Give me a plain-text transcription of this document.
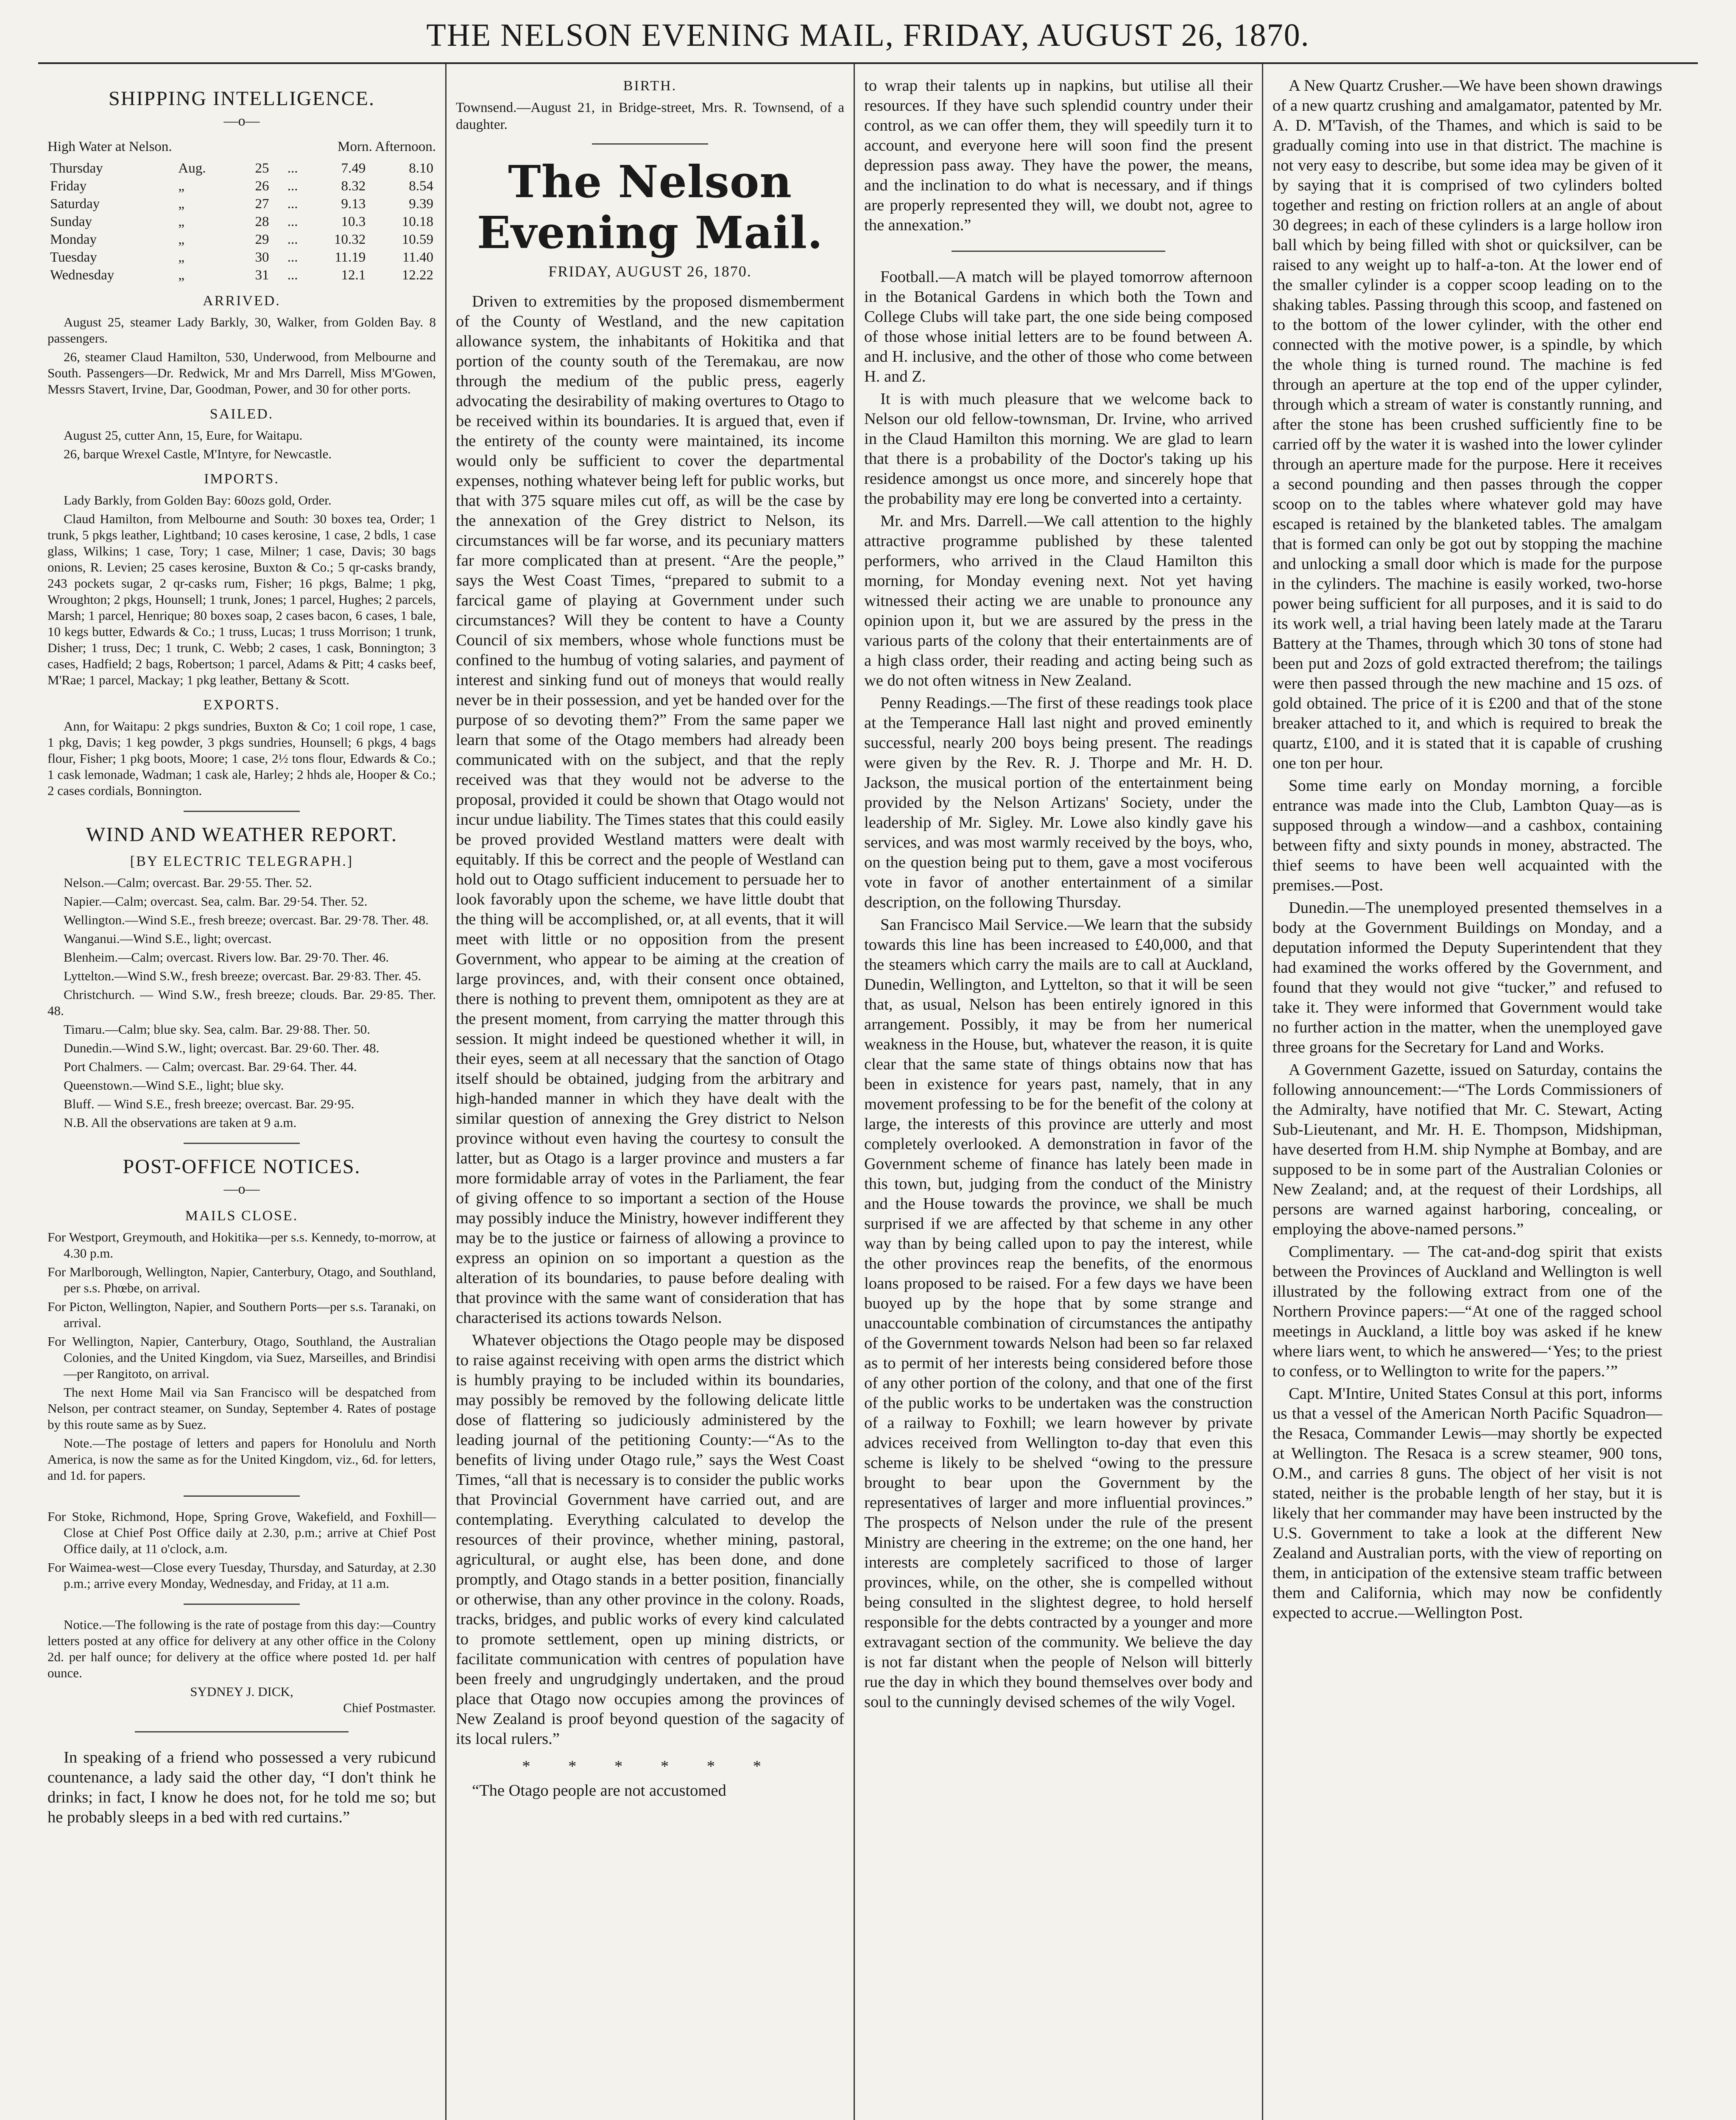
THE NELSON EVENING MAIL, FRIDAY, AUGUST 26, 1870.
SHIPPING INTELLIGENCE.
—o—
High Water at Nelson.	Morn. Afternoon.
Thursday	Aug.	25	...	7.49	8.10
Friday	„	26	...	8.32	8.54
Saturday	„	27	...	9.13	9.39
Sunday	„	28	...	10.3	10.18
Monday	„	29	...	10.32	10.59
Tuesday	„	30	...	11.19	11.40
Wednesday	„	31	...	12.1	12.22
ARRIVED.

August 25, steamer Lady Barkly, 30, Walker, from Golden Bay. 8 passengers.

26, steamer Claud Hamilton, 530, Underwood, from Melbourne and South. Passengers—Dr. Redwick, Mr and Mrs Darrell, Miss M'Gowen, Messrs Stavert, Irvine, Dar, Goodman, Power, and 30 for other ports.

SAILED.

August 25, cutter Ann, 15, Eure, for Waitapu.

26, barque Wrexel Castle, M'Intyre, for Newcastle.

IMPORTS.

Lady Barkly, from Golden Bay: 60ozs gold, Order.

Claud Hamilton, from Melbourne and South: 30 boxes tea, Order; 1 trunk, 5 pkgs leather, Lightband; 10 cases kerosine, 1 case, 2 bdls, 1 case glass, Wilkins; 1 case, Tory; 1 case, Milner; 1 case, Davis; 30 bags onions, R. Levien; 25 cases kerosine, Buxton & Co.; 5 qr-casks brandy, 243 pockets sugar, 2 qr-casks rum, Fisher; 16 pkgs, Balme; 1 pkg, Wroughton; 2 pkgs, Hounsell; 1 trunk, Jones; 1 parcel, Hughes; 2 parcels, Marsh; 1 parcel, Henrique; 80 boxes soap, 2 cases bacon, 6 cases, 1 bale, 10 kegs butter, Edwards & Co.; 1 truss, Lucas; 1 truss Morrison; 1 trunk, Disher; 1 truss, Dec; 1 trunk, C. Webb; 2 cases, 1 cask, Bonnington; 3 cases, Hadfield; 2 bags, Robertson; 1 parcel, Adams & Pitt; 4 casks beef, M'Rae; 1 parcel, Mackay; 1 pkg leather, Bettany & Scott.

EXPORTS.

Ann, for Waitapu: 2 pkgs sundries, Buxton & Co; 1 coil rope, 1 case, 1 pkg, Davis; 1 keg powder, 3 pkgs sundries, Hounsell; 6 pkgs, 4 bags flour, Fisher; 1 pkg boots, Moore; 1 case, 2½ tons flour, Edwards & Co.; 1 cask lemonade, Wadman; 1 cask ale, Harley; 2 hhds ale, Hooper & Co.; 2 cases cordials, Bonnington.

WIND AND WEATHER REPORT.
[BY ELECTRIC TELEGRAPH.]

Nelson.—Calm; overcast. Bar. 29·55. Ther. 52.

Napier.—Calm; overcast. Sea, calm. Bar. 29·54. Ther. 52.

Wellington.—Wind S.E., fresh breeze; overcast. Bar. 29·78. Ther. 48.

Wanganui.—Wind S.E., light; overcast.

Blenheim.—Calm; overcast. Rivers low. Bar. 29·70. Ther. 46.

Lyttelton.—Wind S.W., fresh breeze; overcast. Bar. 29·83. Ther. 45.

Christchurch. — Wind S.W., fresh breeze; clouds. Bar. 29·85. Ther. 48.

Timaru.—Calm; blue sky. Sea, calm. Bar. 29·88. Ther. 50.

Dunedin.—Wind S.W., light; overcast. Bar. 29·60. Ther. 48.

Port Chalmers. — Calm; overcast. Bar. 29·64. Ther. 44.

Queenstown.—Wind S.E., light; blue sky.

Bluff. — Wind S.E., fresh breeze; overcast. Bar. 29·95.

N.B. All the observations are taken at 9 a.m.

POST-OFFICE NOTICES.
—o—
MAILS CLOSE.

For Westport, Greymouth, and Hokitika—per s.s. Kennedy, to-morrow, at 4.30 p.m.

For Marlborough, Wellington, Napier, Canterbury, Otago, and Southland, per s.s. Phœbe, on arrival.

For Picton, Wellington, Napier, and Southern Ports—per s.s. Taranaki, on arrival.

For Wellington, Napier, Canterbury, Otago, Southland, the Australian Colonies, and the United Kingdom, via Suez, Marseilles, and Brindisi—per Rangitoto, on arrival.

The next Home Mail via San Francisco will be despatched from Nelson, per contract steamer, on Sunday, September 4. Rates of postage by this route same as by Suez.

Note.—The postage of letters and papers for Honolulu and North America, is now the same as for the United Kingdom, viz., 6d. for letters, and 1d. for papers.

For Stoke, Richmond, Hope, Spring Grove, Wakefield, and Foxhill—Close at Chief Post Office daily at 2.30, p.m.; arrive at Chief Post Office daily, at 11 o'clock, a.m.

For Waimea-west—Close every Tuesday, Thursday, and Saturday, at 2.30 p.m.; arrive every Monday, Wednesday, and Friday, at 11 a.m.

Notice.—The following is the rate of postage from this day:—Country letters posted at any office for delivery at any other office in the Colony 2d. per half ounce; for delivery at the office where posted 1d. per half ounce.

SYDNEY J. DICK,
Chief Postmaster.

In speaking of a friend who possessed a very rubicund countenance, a lady said the other day, “I don't think he drinks; in fact, I know he does not, for he told me so; but he probably sleeps in a bed with red curtains.”

BIRTH.
Townsend.—August 21, in Bridge-street, Mrs. R. Townsend, of a daughter.
The Nelson Evening Mail.
FRIDAY, AUGUST 26, 1870.

Driven to extremities by the proposed dismemberment of the County of Westland, and the new capitation allowance system, the inhabitants of Hokitika and that portion of the county south of the Teremakau, are now through the medium of the public press, eagerly advocating the desirability of making overtures to Otago to be received within its boundaries. It is argued that, even if the entirety of the county were maintained, its income would only be sufficient to cover the departmental expenses, nothing whatever being left for public works, but that with 375 square miles cut off, as will be the case by the annexation of the Grey district to Nelson, its circumstances will be far worse, and its pecuniary matters far more complicated than at present. “Are the people,” says the West Coast Times, “prepared to submit to a farcical game of playing at Government under such circumstances? Will they be content to have a County Council of six members, whose whole functions must be confined to the humbug of voting salaries, and payment of interest and sinking fund out of moneys that would really never be in their possession, and yet be handed over for the purpose of so devoting them?” From the same paper we learn that some of the Otago members had already been communicated with on the subject, and that the reply received was that they would not be adverse to the proposal, provided it could be shown that Otago would not incur undue liability. The Times states that this could easily be proved provided Westland matters were dealt with equitably. If this be correct and the people of Westland can hold out to Otago sufficient inducement to persuade her to look favorably upon the scheme, we have little doubt that the thing will be accomplished, or, at all events, that it will meet with little or no opposition from the present Government, who appear to be aiming at the creation of large provinces, and, with their consent once obtained, there is nothing to prevent them, omnipotent as they are at the present moment, from carrying the matter through this session. It might indeed be questioned whether it will, in their eyes, seem at all necessary that the sanction of Otago itself should be obtained, judging from the arbitrary and high-handed manner in which they have dealt with the similar question of annexing the Grey district to Nelson province without even having the courtesy to consult the latter, but as Otago is a larger province and musters a far more formidable array of votes in the Parliament, the fear of giving offence to so important a section of the House may possibly induce the Ministry, however indifferent they may be to the justice or fairness of allowing a province to express an opinion on so important a question as the alteration of its boundaries, to pause before dealing with that province with the same want of consideration that has characterised its actions towards Nelson.

Whatever objections the Otago people may be disposed to raise against receiving with open arms the district which is humbly praying to be included within its boundaries, may possibly be removed by the following delicate little dose of flattering so judiciously administered by the leading journal of the petitioning County:—“As to the benefits of living under Otago rule,” says the West Coast Times, “all that is necessary is to consider the public works that Provincial Government have carried out, and are contemplating. Everything calculated to develop the resources of their province, whether mining, pastoral, agricultural, or aught else, has been done, and done promptly, and Otago stands in a better position, financially or otherwise, than any other province in the colony. Roads, tracks, bridges, and public works of every kind calculated to promote settlement, open up mining districts, or facilitate communication with centres of population have been freely and ungrudgingly undertaken, and the proud place that Otago now occupies among the provinces of New Zealand is proof beyond question of the sagacity of its local rulers.”

* * * * * *

“The Otago people are not accustomed

to wrap their talents up in napkins, but utilise all their resources. If they have such splendid country under their control, as we can offer them, they will speedily turn it to account, and everyone here will soon find the present depression pass away. They have the power, the means, and the inclination to do what is necessary, and if things are properly represented they will, we doubt not, agree to the annexation.”

Football.—A match will be played tomorrow afternoon in the Botanical Gardens in which both the Town and College Clubs will take part, the one side being composed of those whose initial letters are to be found between A. and H. inclusive, and the other of those who come between H. and Z.

It is with much pleasure that we welcome back to Nelson our old fellow-townsman, Dr. Irvine, who arrived in the Claud Hamilton this morning. We are glad to learn that there is a probability of the Doctor's taking up his residence amongst us once more, and sincerely hope that the probability may ere long be converted into a certainty.

Mr. and Mrs. Darrell.—We call attention to the highly attractive programme published by these talented performers, who arrived in the Claud Hamilton this morning, for Monday evening next. Not yet having witnessed their acting we are unable to pronounce any opinion upon it, but we are assured by the press in the various parts of the colony that their entertainments are of a high class order, their reading and acting being such as we do not often witness in New Zealand.

Penny Readings.—The first of these readings took place at the Temperance Hall last night and proved eminently successful, nearly 200 boys being present. The readings were given by the Rev. R. J. Thorpe and Mr. H. D. Jackson, the musical portion of the entertainment being provided by the Nelson Artizans' Society, under the leadership of Mr. Sigley. Mr. Lowe also kindly gave his services, and was most warmly received by the boys, who, on the question being put to them, gave a most vociferous vote in favor of another entertainment of a similar description, on the following Thursday.

San Francisco Mail Service.—We learn that the subsidy towards this line has been increased to £40,000, and that the steamers which carry the mails are to call at Auckland, Dunedin, Wellington, and Lyttelton, so that it will be seen that, as usual, Nelson has been entirely ignored in this arrangement. Possibly, it may be from her numerical weakness in the House, but, whatever the reason, it is quite clear that the same state of things obtains now that has been in existence for years past, namely, that in any movement professing to be for the benefit of the colony at large, the interests of this province are utterly and most completely overlooked. A demonstration in favor of the Government scheme of finance has lately been made in this town, but, judging from the conduct of the Ministry and the House towards the province, we shall be much surprised if we are affected by that scheme in any other way than by being called upon to pay the interest, while the other provinces reap the benefits, of the enormous loans proposed to be raised. For a few days we have been buoyed up by the hope that by some strange and unaccountable combination of circumstances the antipathy of the Government towards Nelson had been so far relaxed as to permit of her interests being considered before those of any other portion of the colony, and that one of the first of the public works to be undertaken was the construction of a railway to Foxhill; we learn however by private advices received from Wellington to-day that even this scheme is likely to be shelved “owing to the pressure brought to bear upon the Government by the representatives of larger and more influential provinces.” The prospects of Nelson under the rule of the present Ministry are cheering in the extreme; on the one hand, her interests are completely sacrificed to those of larger provinces, while, on the other, she is compelled without being consulted in the slightest degree, to hold herself responsible for the debts contracted by a younger and more extravagant section of the community. We believe the day is not far distant when the people of Nelson will bitterly rue the day in which they bound themselves over body and soul to the cunningly devised schemes of the wily Vogel.

A New Quartz Crusher.—We have been shown drawings of a new quartz crushing and amalgamator, patented by Mr. A. D. M'Tavish, of the Thames, and which is said to be gradually coming into use in that district. The machine is not very easy to describe, but some idea may be given of it by saying that it is comprised of two cylinders bolted together and resting on friction rollers at an angle of about 30 degrees; in each of these cylinders is a large hollow iron ball which by being filled with shot or quicksilver, can be raised to any weight up to half-a-ton. At the lower end of the smaller cylinder is a copper scoop leading on to the shaking tables. Passing through this scoop, and fastened on to the bottom of the lower cylinder, with the other end connected with the motive power, is a spindle, by which the whole thing is turned round. The machine is fed through an aperture at the top end of the upper cylinder, through which a stream of water is constantly running, and after the stone has been crushed sufficiently fine to be carried off by the water it is washed into the lower cylinder through an aperture made for the purpose. Here it receives a second pounding and then passes through the copper scoop on to the tables where whatever gold may have escaped is retained by the blanketed tables. The amalgam that is formed can only be got out by stopping the machine and unlocking a small door which is made for the purpose in the cylinders. The machine is easily worked, two-horse power being sufficient for all purposes, and it is said to do its work well, a trial having been lately made at the Tararu Battery at the Thames, through which 30 tons of stone had been put and 2ozs of gold extracted therefrom; the tailings were then passed through the new machine and 15 ozs. of gold obtained. The price of it is £200 and that of the stone breaker attached to it, and which is required to break the quartz, £100, and it is stated that it is capable of crushing one ton per hour.

Some time early on Monday morning, a forcible entrance was made into the Club, Lambton Quay—as is supposed through a window—and a cashbox, containing between fifty and sixty pounds in money, abstracted. The thief seems to have been well acquainted with the premises.—Post.

Dunedin.—The unemployed presented themselves in a body at the Government Buildings on Monday, and a deputation informed the Deputy Superintendent that they had examined the works offered by the Government, and found that they would not give “tucker,” and refused to take it. They were informed that Government would take no further action in the matter, when the unemployed gave three groans for the Secretary for Land and Works.

A Government Gazette, issued on Saturday, contains the following announcement:—“The Lords Commissioners of the Admiralty, have notified that Mr. C. Stewart, Acting Sub-Lieutenant, and Mr. H. E. Thompson, Midshipman, have deserted from H.M. ship Nymphe at Bombay, and are supposed to be in some part of the Australian Colonies or New Zealand; and, at the request of their Lordships, all persons are warned against harboring, concealing, or employing the above-named persons.”

Complimentary. — The cat-and-dog spirit that exists between the Provinces of Auckland and Wellington is well illustrated by the following extract from one of the Northern Province papers:—“At one of the ragged school meetings in Auckland, a little boy was asked if he knew where liars went, to which he answered—‘Yes; to the priest to confess, or to Wellington to write for the papers.’”

Capt. M'Intire, United States Consul at this port, informs us that a vessel of the American North Pacific Squadron—the Resaca, Commander Lewis—may shortly be expected at Wellington. The Resaca is a screw steamer, 900 tons, O.M., and carries 8 guns. The object of her visit is not stated, neither is the probable length of her stay, but it is likely that her commander may have been instructed by the U.S. Government to take a look at the different New Zealand and Australian ports, with the view of reporting on them, in anticipation of the extensive steam traffic between them and California, which may now be confidently expected to accrue.—Wellington Post.
